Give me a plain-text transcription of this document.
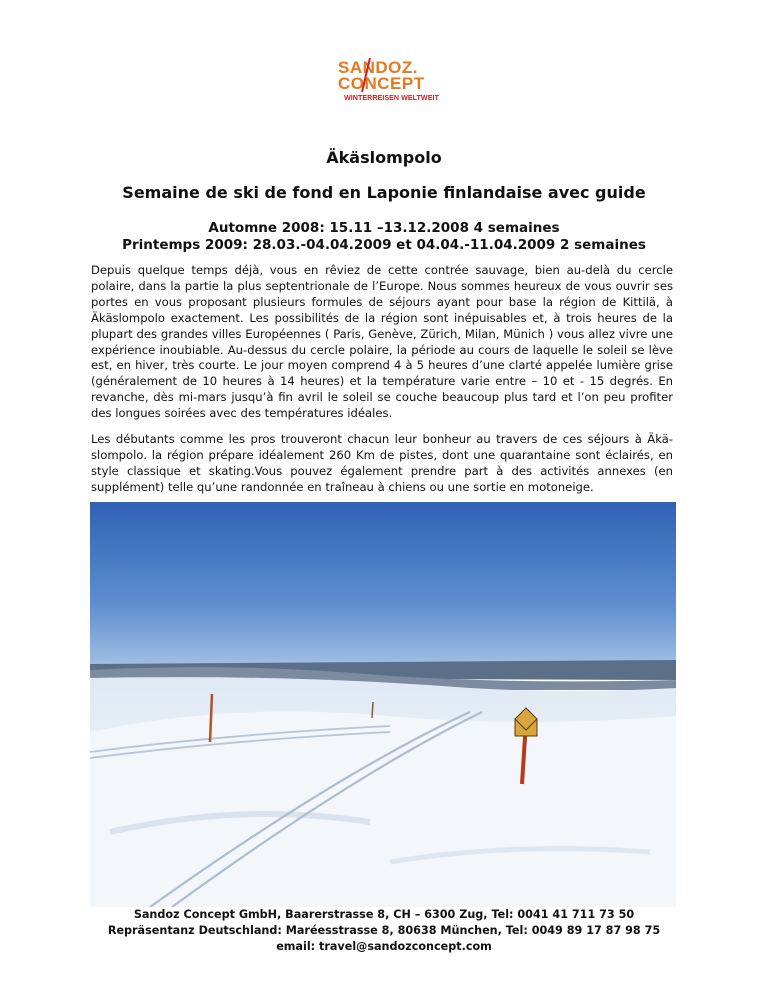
SANDOZ.
CONCEPT
WINTERREISEN WELTWEIT
Äkäslompolo
Semaine de ski de fond en Laponie finlandaise avec guide
Automne 2008: 15.11 –13.12.2008 4 semaines
Printemps 2009: 28.03.-04.04.2009 et 04.04.-11.04.2009 2 semaines

Depuis quelque temps déjà, vous en rêviez de cette contrée sauvage, bien au-delà du cercle polaire, dans la partie la plus septentrionale de l’Europe. Nous sommes heureux de vous ouvrir ses portes en vous proposant plusieurs formules de séjours ayant pour base la région de Kittilä, à Äkäslompolo exactement. Les possibilités de la région sont inépuisables et, à trois heures de la plupart des grandes villes Européennes ( Paris, Genève, Zürich, Milan, Münich ) vous allez vivre une expérience inoubiable. Au-dessus du cercle polaire, la période au cours de laquelle le soleil se lève est, en hiver, très courte. Le jour moyen comprend 4 à 5 heures d’une clarté appelée lumière grise (généralement de 10 heures à 14 heures) et la température varie entre – 10 et - 15 degrés. En revanche, dès mi-mars jusqu’à fin avril le soleil se couche beaucoup plus tard et l’on peu profiter des longues soirées avec des températures idéales.

Les débutants comme les pros trouveront chacun leur bonheur au travers de ces séjours à Äkä-slompolo. la région prépare idéalement 260 Km de pistes, dont une quarantaine sont éclairés, en style classique et skating.Vous pouvez également prendre part à des activités annexes (en supplément) telle qu’une randonnée en traîneau à chiens ou une sortie en motoneige.

Sandoz Concept GmbH, Baarerstrasse 8, CH – 6300 Zug, Tel: 0041 41 711 73 50
Repräsentanz Deutschland: Maréesstrasse 8, 80638 München, Tel: 0049 89 17 87 98 75
email: travel@sandozconcept.com
